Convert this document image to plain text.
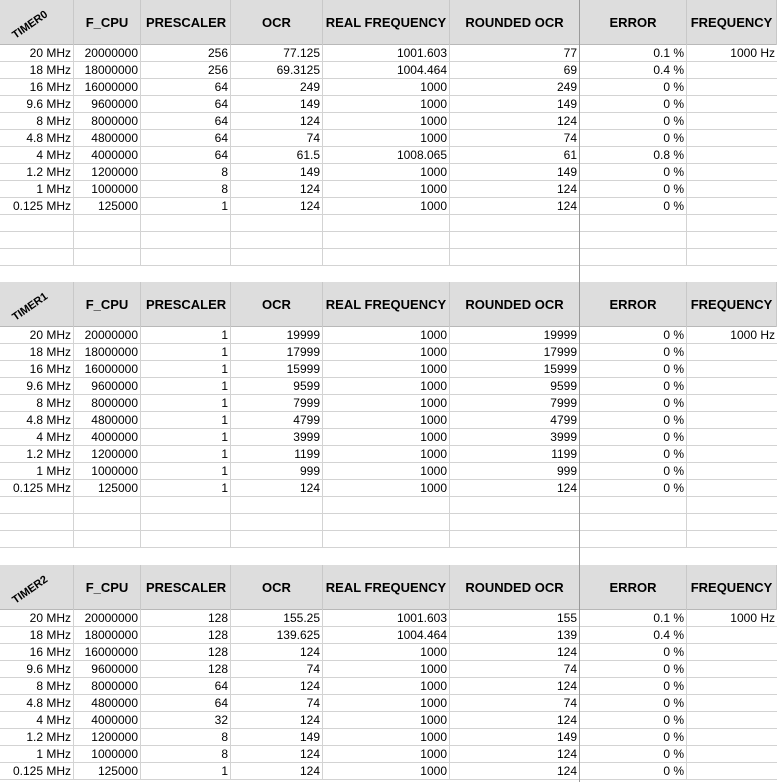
TIMER0	F_CPU	PRESCALER	OCR	REAL FREQUENCY	ROUNDED OCR	ERROR	FREQUENCY
20 MHz	20000000	256	77.125	1001.603	77	0.1 %	1000 Hz
18 MHz	18000000	256	69.3125	1004.464	69	0.4 %
16 MHz	16000000	64	249	1000	249	0 %
9.6 MHz	9600000	64	149	1000	149	0 %
8 MHz	8000000	64	124	1000	124	0 %
4.8 MHz	4800000	64	74	1000	74	0 %
4 MHz	4000000	64	61.5	1008.065	61	0.8 %
1.2 MHz	1200000	8	149	1000	149	0 %
1 MHz	1000000	8	124	1000	124	0 %
0.125 MHz	125000	1	124	1000	124	0 %
TIMER1	F_CPU	PRESCALER	OCR	REAL FREQUENCY	ROUNDED OCR	ERROR	FREQUENCY
20 MHz	20000000	1	19999	1000	19999	0 %	1000 Hz
18 MHz	18000000	1	17999	1000	17999	0 %
16 MHz	16000000	1	15999	1000	15999	0 %
9.6 MHz	9600000	1	9599	1000	9599	0 %
8 MHz	8000000	1	7999	1000	7999	0 %
4.8 MHz	4800000	1	4799	1000	4799	0 %
4 MHz	4000000	1	3999	1000	3999	0 %
1.2 MHz	1200000	1	1199	1000	1199	0 %
1 MHz	1000000	1	999	1000	999	0 %
0.125 MHz	125000	1	124	1000	124	0 %
TIMER2	F_CPU	PRESCALER	OCR	REAL FREQUENCY	ROUNDED OCR	ERROR	FREQUENCY
20 MHz	20000000	128	155.25	1001.603	155	0.1 %	1000 Hz
18 MHz	18000000	128	139.625	1004.464	139	0.4 %
16 MHz	16000000	128	124	1000	124	0 %
9.6 MHz	9600000	128	74	1000	74	0 %
8 MHz	8000000	64	124	1000	124	0 %
4.8 MHz	4800000	64	74	1000	74	0 %
4 MHz	4000000	32	124	1000	124	0 %
1.2 MHz	1200000	8	149	1000	149	0 %
1 MHz	1000000	8	124	1000	124	0 %
0.125 MHz	125000	1	124	1000	124	0 %
